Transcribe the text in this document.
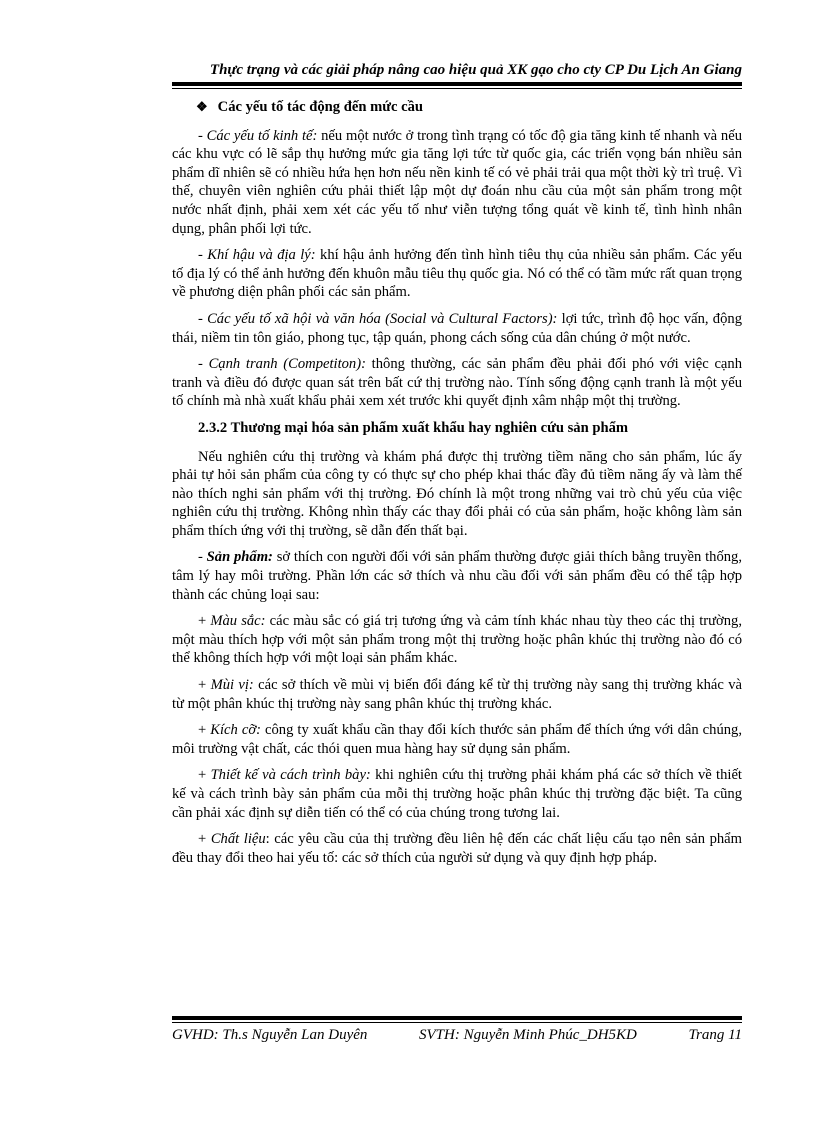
Thực trạng và các giải pháp nâng cao hiệu quả XK gạo cho cty CP Du Lịch An Giang
❖ Các yếu tố tác động đến mức cầu

- Các yếu tố kinh tế: nếu một nước ở trong tình trạng có tốc độ gia tăng kinh tế nhanh và nếu các khu vực có lẽ sắp thụ hưởng mức gia tăng lợi tức từ quốc gia, các triển vọng bán nhiều sản phẩm dĩ nhiên sẽ có nhiều hứa hẹn hơn nếu nền kinh tế có vẻ phải trải qua một thời kỳ trì truệ. Vì thế, chuyên viên nghiên cứu phải thiết lập một dự đoán nhu cầu của một sản phẩm trong một nước nhất định, phải xem xét các yếu tố như viễn tượng tổng quát về kinh tế, tình hình nhân dụng, phân phối lợi tức.

- Khí hậu và địa lý: khí hậu ảnh hưởng đến tình hình tiêu thụ của nhiều sản phẩm. Các yếu tố địa lý có thể ảnh hưởng đến khuôn mẫu tiêu thụ quốc gia. Nó có thể có tầm mức rất quan trọng về phương diện phân phối các sản phẩm.

- Các yếu tố xã hội và văn hóa (Social và Cultural Factors): lợi tức, trình độ học vấn, động thái, niềm tin tôn giáo, phong tục, tập quán, phong cách sống của dân chúng ở một nước.

- Cạnh tranh (Competiton): thông thường, các sản phẩm đều phải đối phó với việc cạnh tranh và điều đó được quan sát trên bất cứ thị trường nào. Tính sống động cạnh tranh là một yếu tố chính mà nhà xuất khẩu phải xem xét trước khi quyết định xâm nhập một thị trường.

2.3.2 Thương mại hóa sản phẩm xuất khẩu hay nghiên cứu sản phẩm

Nếu nghiên cứu thị trường và khám phá được thị trường tiềm năng cho sản phẩm, lúc ấy phải tự hỏi sản phẩm của công ty có thực sự cho phép khai thác đầy đủ tiềm năng ấy và làm thế nào thích nghi sản phẩm với thị trường. Đó chính là một trong những vai trò chủ yếu của việc nghiên cứu thị trường. Không nhìn thấy các thay đổi phải có của sản phẩm, hoặc không làm sản phẩm thích ứng với thị trường, sẽ dẫn đến thất bại.

- Sản phẩm: sở thích con người đối với sản phẩm thường được giải thích bằng truyền thống, tâm lý hay môi trường. Phần lớn các sở thích và nhu cầu đối với sản phẩm đều có thể tập hợp thành các chủng loại sau:

+ Màu sắc: các màu sắc có giá trị tương ứng và cảm tính khác nhau tùy theo các thị trường, một màu thích hợp với một sản phẩm trong một thị trường hoặc phân khúc thị trường nào đó có thể không thích hợp với một loại sản phẩm khác.

+ Mùi vị: các sở thích về mùi vị biến đổi đáng kể từ thị trường này sang thị trường khác và từ một phân khúc thị trường này sang phân khúc thị trường khác.

+ Kích cỡ: công ty xuất khẩu cần thay đổi kích thước sản phẩm để thích ứng với dân chúng, môi trường vật chất, các thói quen mua hàng hay sử dụng sản phẩm.

+ Thiết kế và cách trình bày: khi nghiên cứu thị trường phải khám phá các sở thích về thiết kế và cách trình bày sản phẩm của mỗi thị trường hoặc phân khúc thị trường đặc biệt. Ta cũng cần phải xác định sự diễn tiến có thể có của chúng trong tương lai.

+ Chất liệu: các yêu cầu của thị trường đều liên hệ đến các chất liệu cấu tạo nên sản phẩm đều thay đổi theo hai yếu tố: các sở thích của người sử dụng và quy định hợp pháp.

GVHD: Th.s Nguyễn Lan Duyên	SVTH: Nguyễn Minh Phúc_DH5KD	Trang 11
